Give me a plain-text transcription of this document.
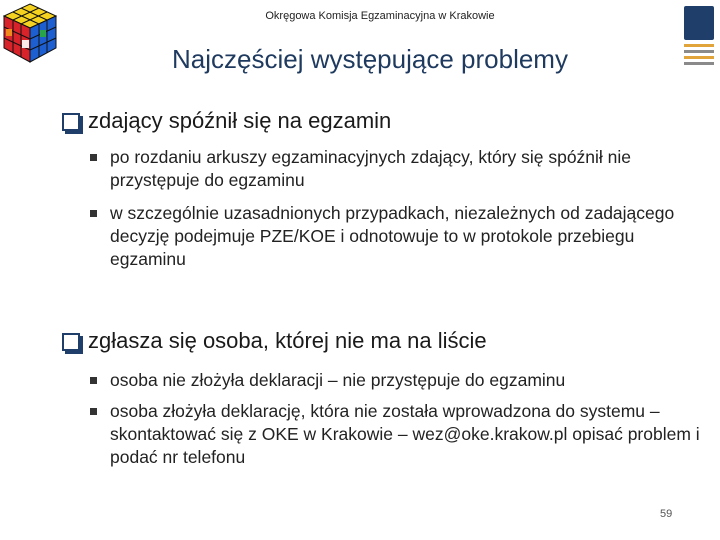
Okręgowa Komisja Egzaminacyjna w Krakowie
Najczęściej występujące problemy
zdający spóźnił się na egzamin
po rozdaniu arkuszy egzaminacyjnych zdający, który się spóźnił nie przystępuje do egzaminu
w szczególnie uzasadnionych przypadkach, niezależnych od zadającego decyzję podejmuje PZE/KOE i odnotowuje to w protokole przebiegu egzaminu
zgłasza się osoba, której nie ma na liście
osoba nie złożyła deklaracji – nie przystępuje do egzaminu
osoba złożyła deklarację, która nie została wprowadzona do systemu – skontaktować się z OKE w Krakowie – wez@oke.krakow.pl opisać problem i podać nr telefonu
59
